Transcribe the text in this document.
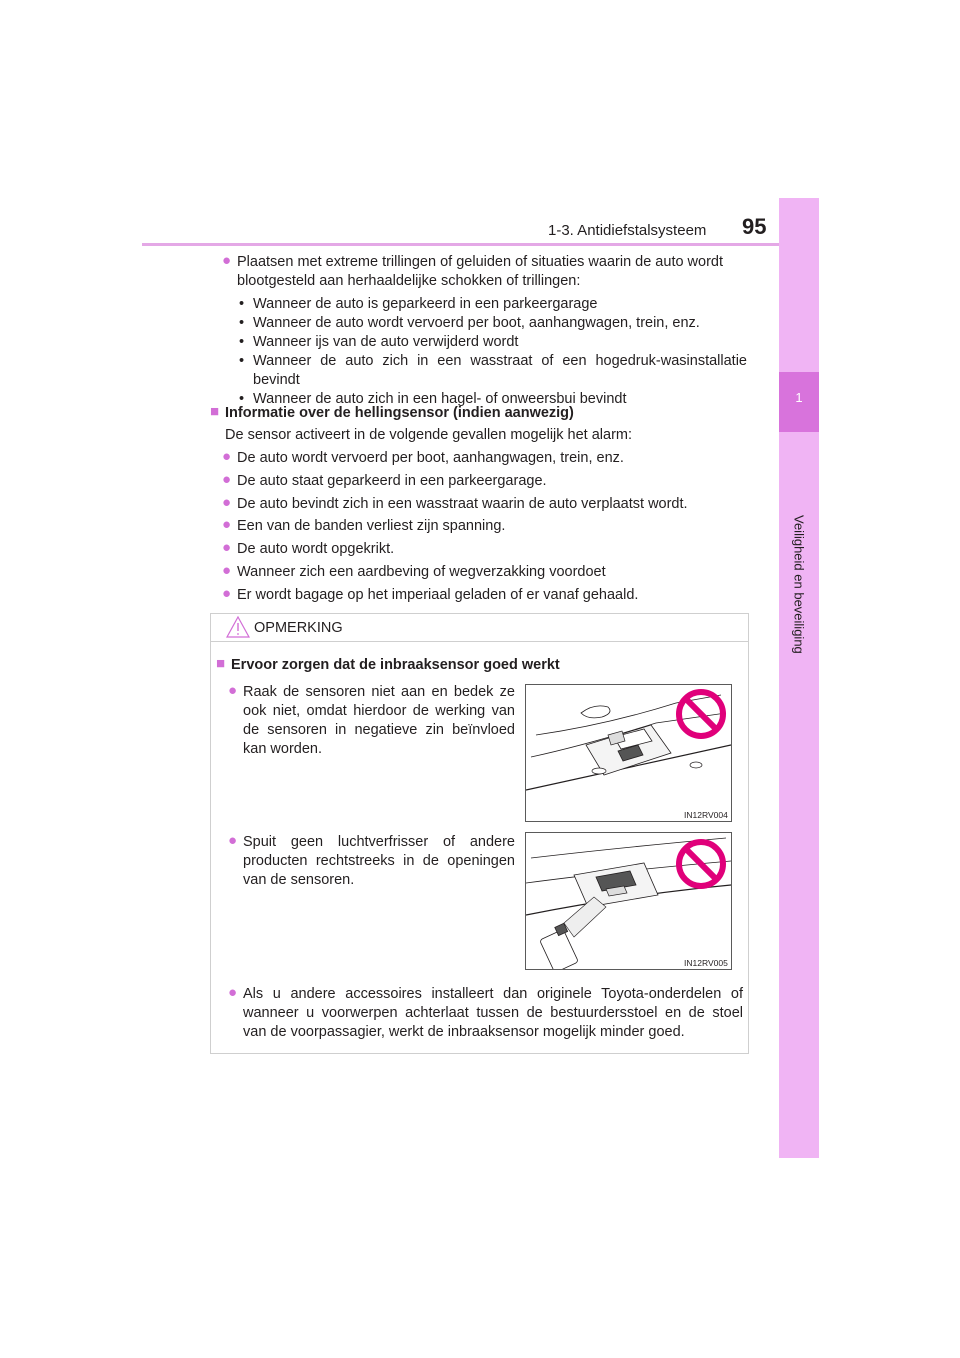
1-3. Antidiefstalsysteem 95
1
Veiligheid en beveiliging
● Plaatsen met extreme trillingen of geluiden of situaties waarin de auto wordt
blootgesteld aan herhaaldelijke schokken of trillingen:
• Wanneer de auto is geparkeerd in een parkeergarage
• Wanneer de auto wordt vervoerd per boot, aanhangwagen, trein, enz.
• Wanneer ijs van de auto verwijderd wordt
• Wanneer de auto zich in een wasstraat of een hogedruk-wasinstallatie
bevindt
• Wanneer de auto zich in een hagel- of onweersbui bevindt
■ Informatie over de hellingsensor (indien aanwezig)
De sensor activeert in de volgende gevallen mogelijk het alarm:
● De auto wordt vervoerd per boot, aanhangwagen, trein, enz.
● De auto staat geparkeerd in een parkeergarage.
● De auto bevindt zich in een wasstraat waarin de auto verplaatst wordt.
● Een van de banden verliest zijn spanning.
● De auto wordt opgekrikt.
● Wanneer zich een aardbeving of wegverzakking voordoet
● Er wordt bagage op het imperiaal geladen of er vanaf gehaald.
OPMERKING
■ Ervoor zorgen dat de inbraaksensor goed werkt
● Raak de sensoren niet aan en bedek ze
ook niet, omdat hierdoor de werking van
de sensoren in negatieve zin beïnvloed
kan worden.
IN12RV004
● Spuit geen luchtverfrisser of andere
producten rechtstreeks in de openingen
van de sensoren.
IN12RV005
● Als u andere accessoires installeert dan originele Toyota-onderdelen of
wanneer u voorwerpen achterlaat tussen de bestuurdersstoel en de stoel
van de voorpassagier, werkt de inbraaksensor mogelijk minder goed.
